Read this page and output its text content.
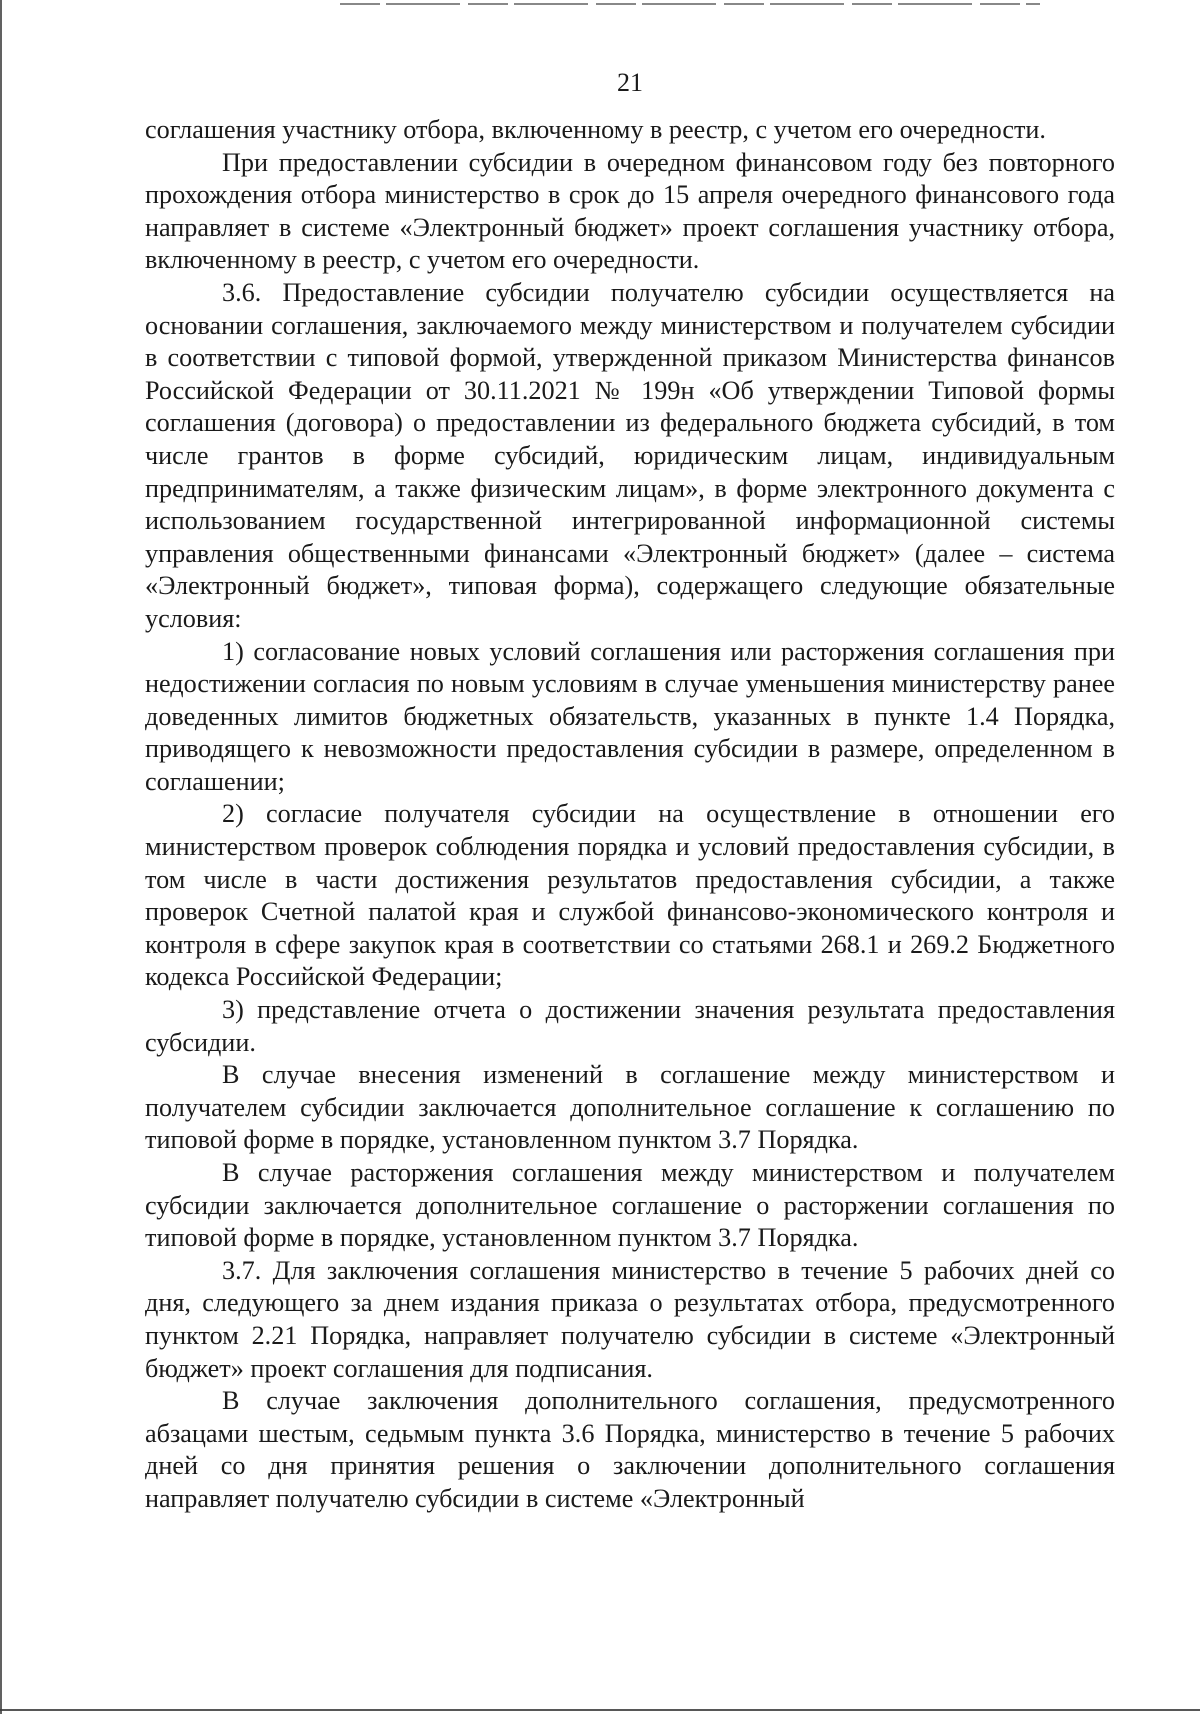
21

соглашения участнику отбора, включенному в реестр, с учетом его очередности.

При предоставлении субсидии в очередном финансовом году без повторного прохождения отбора министерство в срок до 15 апреля очередного финансового года направляет в системе «Электронный бюджет» проект соглашения участнику отбора, включенному в реестр, с учетом его очередности.

3.6. Предоставление субсидии получателю субсидии осуществляется на основании соглашения, заключаемого между министерством и получателем субсидии в соответствии с типовой формой, утвержденной приказом Министерства финансов Российской Федерации от 30.11.2021 № 199н «Об утверждении Типовой формы соглашения (договора) о предоставлении из федерального бюджета субсидий, в том числе грантов в форме субсидий, юридическим лицам, индивидуальным предпринимателям, а также физическим лицам», в форме электронного документа с использованием государственной интегрированной информационной системы управления общественными финансами «Электронный бюджет» (далее – система «Электронный бюджет», типовая форма), содержащего следующие обязательные условия:

1) согласование новых условий соглашения или расторжения соглашения при недостижении согласия по новым условиям в случае уменьшения министерству ранее доведенных лимитов бюджетных обязательств, указанных в пункте 1.4 Порядка, приводящего к невозможности предоставления субсидии в размере, определенном в соглашении;

2) согласие получателя субсидии на осуществление в отношении его министерством проверок соблюдения порядка и условий предоставления субсидии, в том числе в части достижения результатов предоставления субсидии, а также проверок Счетной палатой края и службой финансово-экономического контроля и контроля в сфере закупок края в соответствии со статьями 268.1 и 269.2 Бюджетного кодекса Российской Федерации;

3) представление отчета о достижении значения результата предоставления субсидии.

В случае внесения изменений в соглашение между министерством и получателем субсидии заключается дополнительное соглашение к соглашению по типовой форме в порядке, установленном пунктом 3.7 Порядка.

В случае расторжения соглашения между министерством и получателем субсидии заключается дополнительное соглашение о расторжении соглашения по типовой форме в порядке, установленном пунктом 3.7 Порядка.

3.7. Для заключения соглашения министерство в течение 5 рабочих дней со дня, следующего за днем издания приказа о результатах отбора, предусмотренного пунктом 2.21 Порядка, направляет получателю субсидии в системе «Электронный бюджет» проект соглашения для подписания.

В случае заключения дополнительного соглашения, предусмотренного абзацами шестым, седьмым пункта 3.6 Порядка, министерство в течение 5 рабочих дней со дня принятия решения о заключении дополнительного соглашения направляет получателю субсидии в системе «Электронный
